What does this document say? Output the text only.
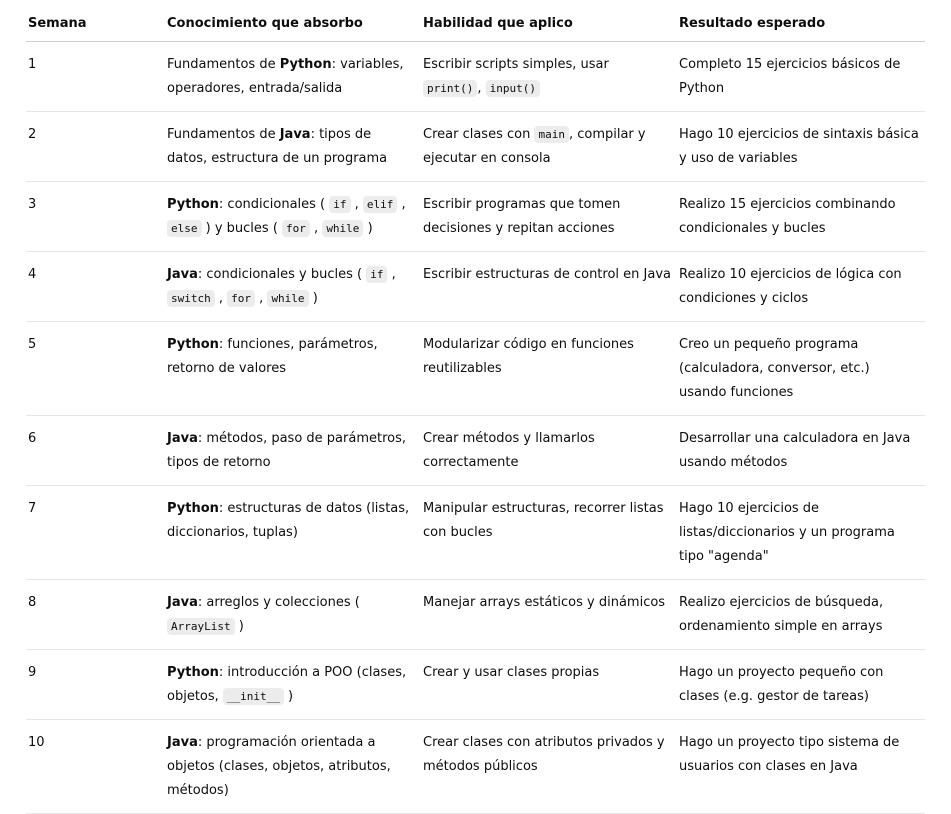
Semana	Conocimiento que absorbo	Habilidad que aplico	Resultado esperado
1	Fundamentos de Python: variables, operadores, entrada/salida	Escribir scripts simples, usar print() , input()	Completo 15 ejercicios básicos de Python
2	Fundamentos de Java: tipos de datos, estructura de un programa	Crear clases con main , compilar y ejecutar en consola	Hago 10 ejercicios de sintaxis básica y uso de variables
3	Python: condicionales ( if , elif , else ) y bucles ( for , while )	Escribir programas que tomen decisiones y repitan acciones	Realizo 15 ejercicios combinando condicionales y bucles
4	Java: condicionales y bucles ( if , switch , for , while )	Escribir estructuras de control en Java	Realizo 10 ejercicios de lógica con condiciones y ciclos
5	Python: funciones, parámetros, retorno de valores	Modularizar código en funciones reutilizables	Creo un pequeño programa (calculadora, conversor, etc.) usando funciones
6	Java: métodos, paso de parámetros, tipos de retorno	Crear métodos y llamarlos correctamente	Desarrollar una calculadora en Java usando métodos
7	Python: estructuras de datos (listas, diccionarios, tuplas)	Manipular estructuras, recorrer listas con bucles	Hago 10 ejercicios de listas/diccionarios y un programa tipo "agenda"
8	Java: arreglos y colecciones ( ArrayList )	Manejar arrays estáticos y dinámicos	Realizo ejercicios de búsqueda, ordenamiento simple en arrays
9	Python: introducción a POO (clases, objetos, __init__ )	Crear y usar clases propias	Hago un proyecto pequeño con clases (e.g. gestor de tareas)
10	Java: programación orientada a objetos (clases, objetos, atributos, métodos)	Crear clases con atributos privados y métodos públicos	Hago un proyecto tipo sistema de usuarios con clases en Java
